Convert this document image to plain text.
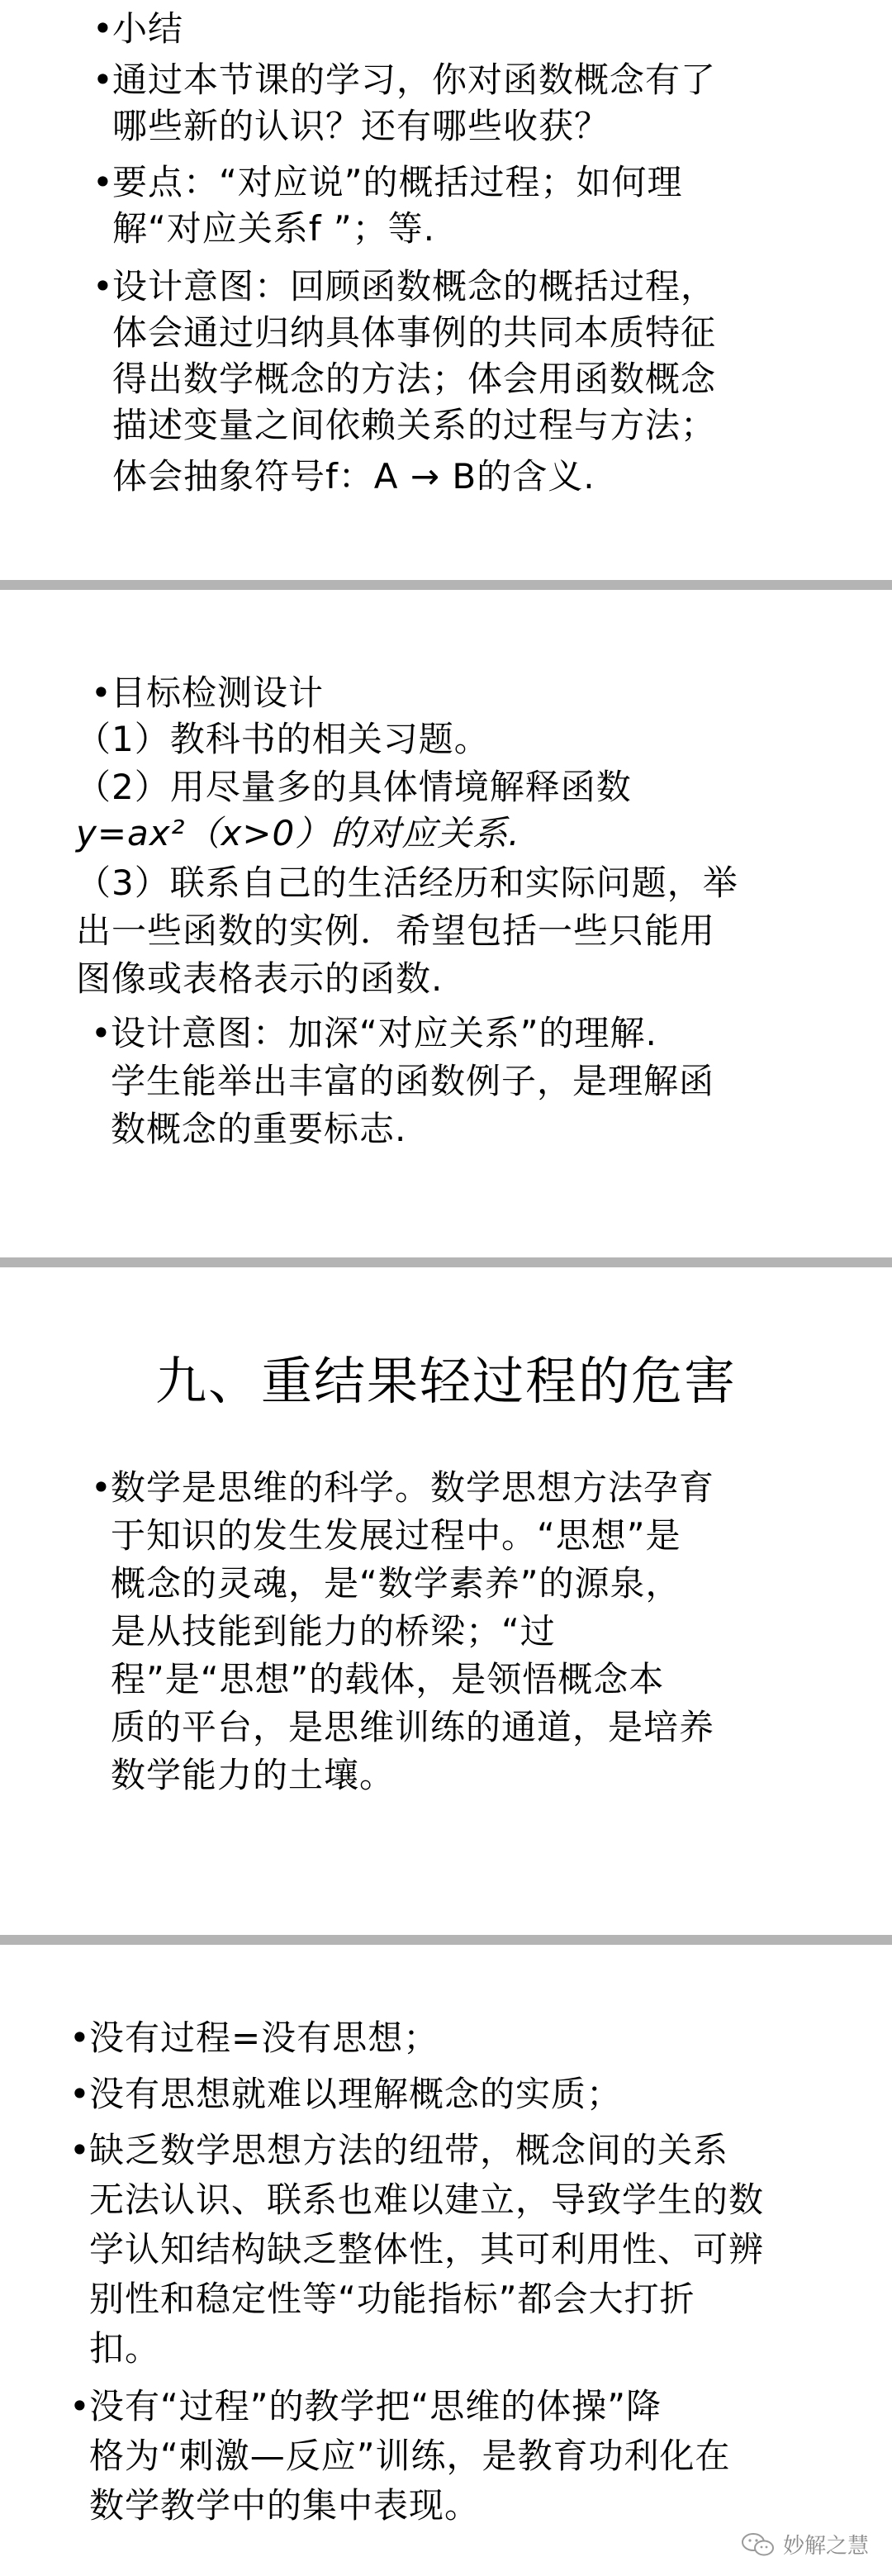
• 小结
• 通过本节课的学习，你对函数概念有了
哪些新的认识？还有哪些收获？
• 要点：“对应说”的概括过程；如何理
解“对应关系f ”；等.
• 设计意图：回顾函数概念的概括过程，
体会通过归纳具体事例的共同本质特征
得出数学概念的方法；体会用函数概念
描述变量之间依赖关系的过程与方法；
体会抽象符号f：A → B的含义.
• 目标检测设计
（1）教科书的相关习题。
（2）用尽量多的具体情境解释函数
y=ax²（x>0）的对应关系.
（3）联系自己的生活经历和实际问题，举
出一些函数的实例．希望包括一些只能用
图像或表格表示的函数.
• 设计意图：加深“对应关系”的理解.
学生能举出丰富的函数例子，是理解函
数概念的重要标志.
九、重结果轻过程的危害
• 数学是思维的科学。数学思想方法孕育
于知识的发生发展过程中。“思想”是
概念的灵魂，是“数学素养”的源泉，
是从技能到能力的桥梁；“过
程”是“思想”的载体，是领悟概念本
质的平台，是思维训练的通道，是培养
数学能力的土壤。
• 没有过程=没有思想；
• 没有思想就难以理解概念的实质；
• 缺乏数学思想方法的纽带，概念间的关系
无法认识、联系也难以建立，导致学生的数
学认知结构缺乏整体性，其可利用性、可辨
别性和稳定性等“功能指标”都会大打折
扣。
• 没有“过程”的教学把“思维的体操”降
格为“刺激—反应”训练，是教育功利化在
数学教学中的集中表现。
妙解之慧
